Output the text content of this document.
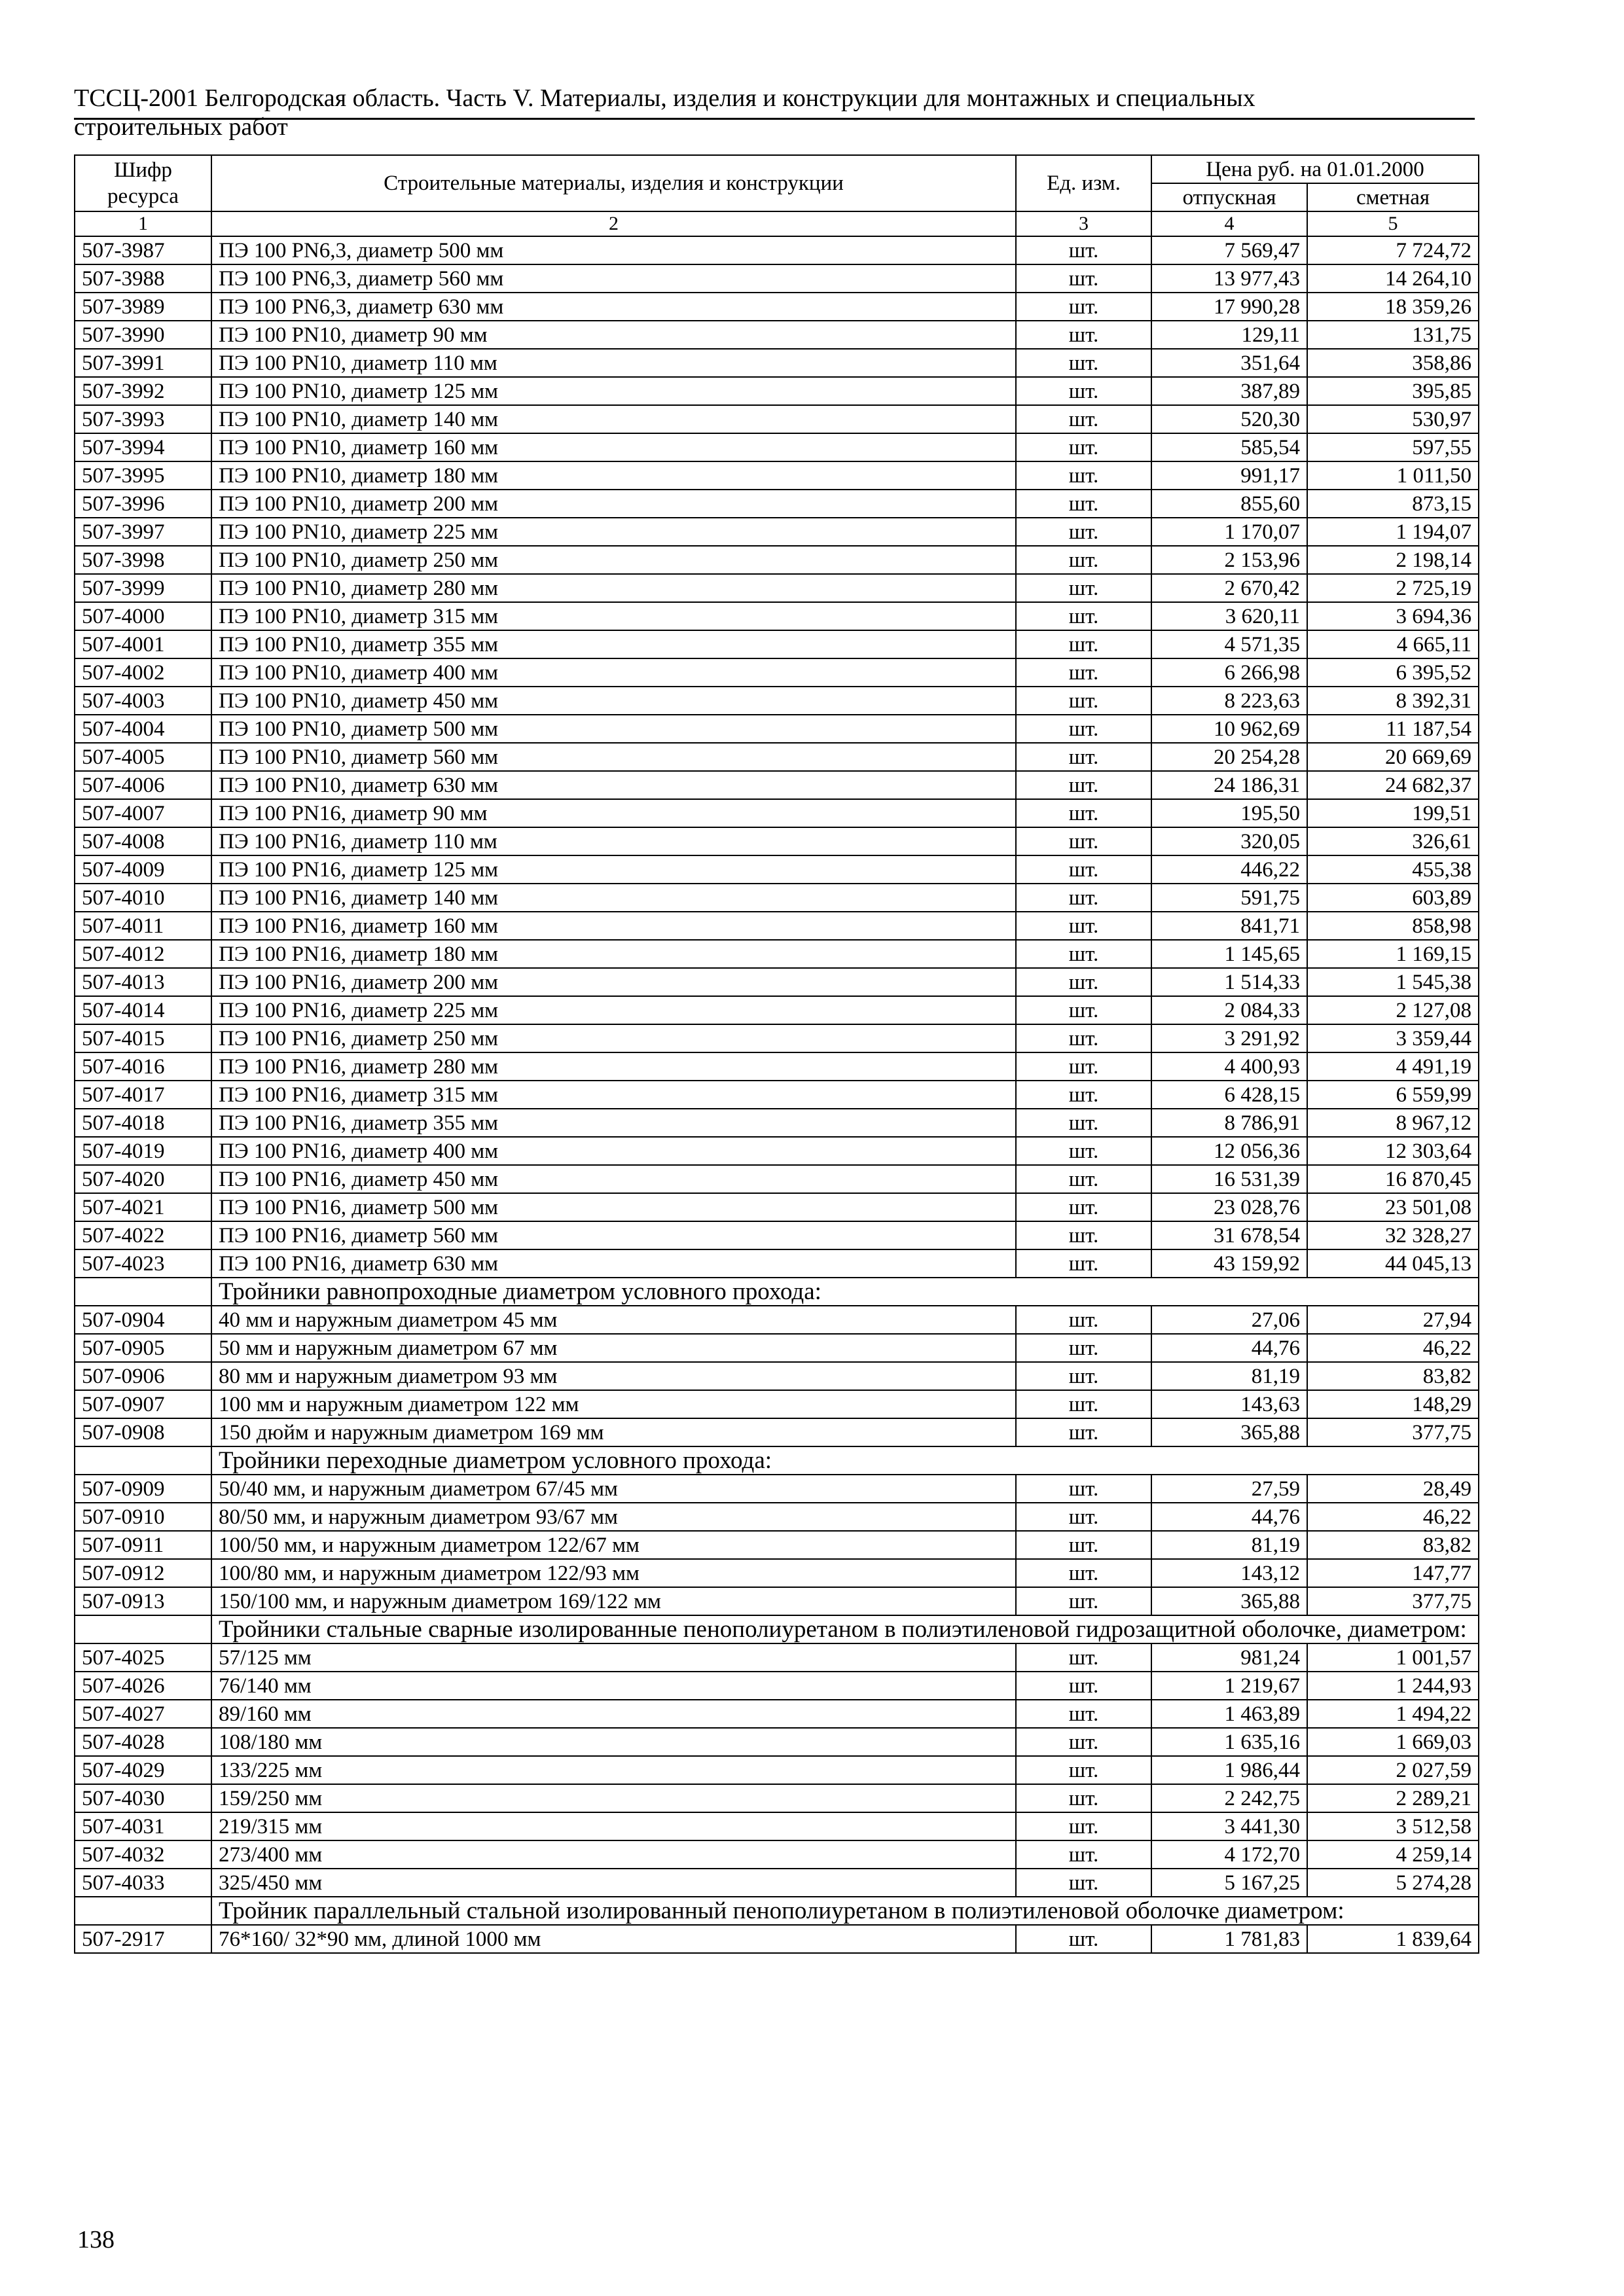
ТССЦ-2001 Белгородская область. Часть V. Материалы, изделия и конструкции для монтажных и специальных
строительных работ
Шифр ресурса	Строительные материалы, изделия и конструкции	Ед. изм.	Цена руб. на 01.01.2000	
			отпускная	сметная
1	2	3	4	5
507-3987	ПЭ 100 PN6,3, диаметр 500 мм	шт.	7 569,47	7 724,72
507-3988	ПЭ 100 PN6,3, диаметр 560 мм	шт.	13 977,43	14 264,10
507-3989	ПЭ 100 PN6,3, диаметр 630 мм	шт.	17 990,28	18 359,26
507-3990	ПЭ 100 PN10, диаметр 90 мм	шт.	129,11	131,75
507-3991	ПЭ 100 PN10, диаметр 110 мм	шт.	351,64	358,86
507-3992	ПЭ 100 PN10, диаметр 125 мм	шт.	387,89	395,85
507-3993	ПЭ 100 PN10, диаметр 140 мм	шт.	520,30	530,97
507-3994	ПЭ 100 PN10, диаметр 160 мм	шт.	585,54	597,55
507-3995	ПЭ 100 PN10, диаметр 180 мм	шт.	991,17	1 011,50
507-3996	ПЭ 100 PN10, диаметр 200 мм	шт.	855,60	873,15
507-3997	ПЭ 100 PN10, диаметр 225 мм	шт.	1 170,07	1 194,07
507-3998	ПЭ 100 PN10, диаметр 250 мм	шт.	2 153,96	2 198,14
507-3999	ПЭ 100 PN10, диаметр 280 мм	шт.	2 670,42	2 725,19
507-4000	ПЭ 100 PN10, диаметр 315 мм	шт.	3 620,11	3 694,36
507-4001	ПЭ 100 PN10, диаметр 355 мм	шт.	4 571,35	4 665,11
507-4002	ПЭ 100 PN10, диаметр 400 мм	шт.	6 266,98	6 395,52
507-4003	ПЭ 100 PN10, диаметр 450 мм	шт.	8 223,63	8 392,31
507-4004	ПЭ 100 PN10, диаметр 500 мм	шт.	10 962,69	11 187,54
507-4005	ПЭ 100 PN10, диаметр 560 мм	шт.	20 254,28	20 669,69
507-4006	ПЭ 100 PN10, диаметр 630 мм	шт.	24 186,31	24 682,37
507-4007	ПЭ 100 PN16, диаметр 90 мм	шт.	195,50	199,51
507-4008	ПЭ 100 PN16, диаметр 110 мм	шт.	320,05	326,61
507-4009	ПЭ 100 PN16, диаметр 125 мм	шт.	446,22	455,38
507-4010	ПЭ 100 PN16, диаметр 140 мм	шт.	591,75	603,89
507-4011	ПЭ 100 PN16, диаметр 160 мм	шт.	841,71	858,98
507-4012	ПЭ 100 PN16, диаметр 180 мм	шт.	1 145,65	1 169,15
507-4013	ПЭ 100 PN16, диаметр 200 мм	шт.	1 514,33	1 545,38
507-4014	ПЭ 100 PN16, диаметр 225 мм	шт.	2 084,33	2 127,08
507-4015	ПЭ 100 PN16, диаметр 250 мм	шт.	3 291,92	3 359,44
507-4016	ПЭ 100 PN16, диаметр 280 мм	шт.	4 400,93	4 491,19
507-4017	ПЭ 100 PN16, диаметр 315 мм	шт.	6 428,15	6 559,99
507-4018	ПЭ 100 PN16, диаметр 355 мм	шт.	8 786,91	8 967,12
507-4019	ПЭ 100 PN16, диаметр 400 мм	шт.	12 056,36	12 303,64
507-4020	ПЭ 100 PN16, диаметр 450 мм	шт.	16 531,39	16 870,45
507-4021	ПЭ 100 PN16, диаметр 500 мм	шт.	23 028,76	23 501,08
507-4022	ПЭ 100 PN16, диаметр 560 мм	шт.	31 678,54	32 328,27
507-4023	ПЭ 100 PN16, диаметр 630 мм	шт.	43 159,92	44 045,13
	Тройники равнопроходные диаметром условного прохода:			
507-0904	40 мм и наружным диаметром 45 мм	шт.	27,06	27,94
507-0905	50 мм и наружным диаметром 67 мм	шт.	44,76	46,22
507-0906	80 мм и наружным диаметром 93 мм	шт.	81,19	83,82
507-0907	100 мм и наружным диаметром 122 мм	шт.	143,63	148,29
507-0908	150 дюйм и наружным диаметром 169 мм	шт.	365,88	377,75
	Тройники переходные диаметром условного прохода:			
507-0909	50/40 мм, и наружным диаметром 67/45 мм	шт.	27,59	28,49
507-0910	80/50 мм, и наружным диаметром 93/67 мм	шт.	44,76	46,22
507-0911	100/50 мм, и наружным диаметром 122/67 мм	шт.	81,19	83,82
507-0912	100/80 мм, и наружным диаметром 122/93 мм	шт.	143,12	147,77
507-0913	150/100 мм, и наружным диаметром 169/122 мм	шт.	365,88	377,75
	Тройники стальные сварные изолированные пенополиуретаном в полиэтиленовой гидрозащитной оболочке, диаметром:			
507-4025	57/125 мм	шт.	981,24	1 001,57
507-4026	76/140 мм	шт.	1 219,67	1 244,93
507-4027	89/160 мм	шт.	1 463,89	1 494,22
507-4028	108/180 мм	шт.	1 635,16	1 669,03
507-4029	133/225 мм	шт.	1 986,44	2 027,59
507-4030	159/250 мм	шт.	2 242,75	2 289,21
507-4031	219/315 мм	шт.	3 441,30	3 512,58
507-4032	273/400 мм	шт.	4 172,70	4 259,14
507-4033	325/450 мм	шт.	5 167,25	5 274,28
	Тройник параллельный стальной изолированный пенополиуретаном в полиэтиленовой оболочке диаметром:			
507-2917	76*160/ 32*90 мм, длиной 1000 мм	шт.	1 781,83	1 839,64
138
